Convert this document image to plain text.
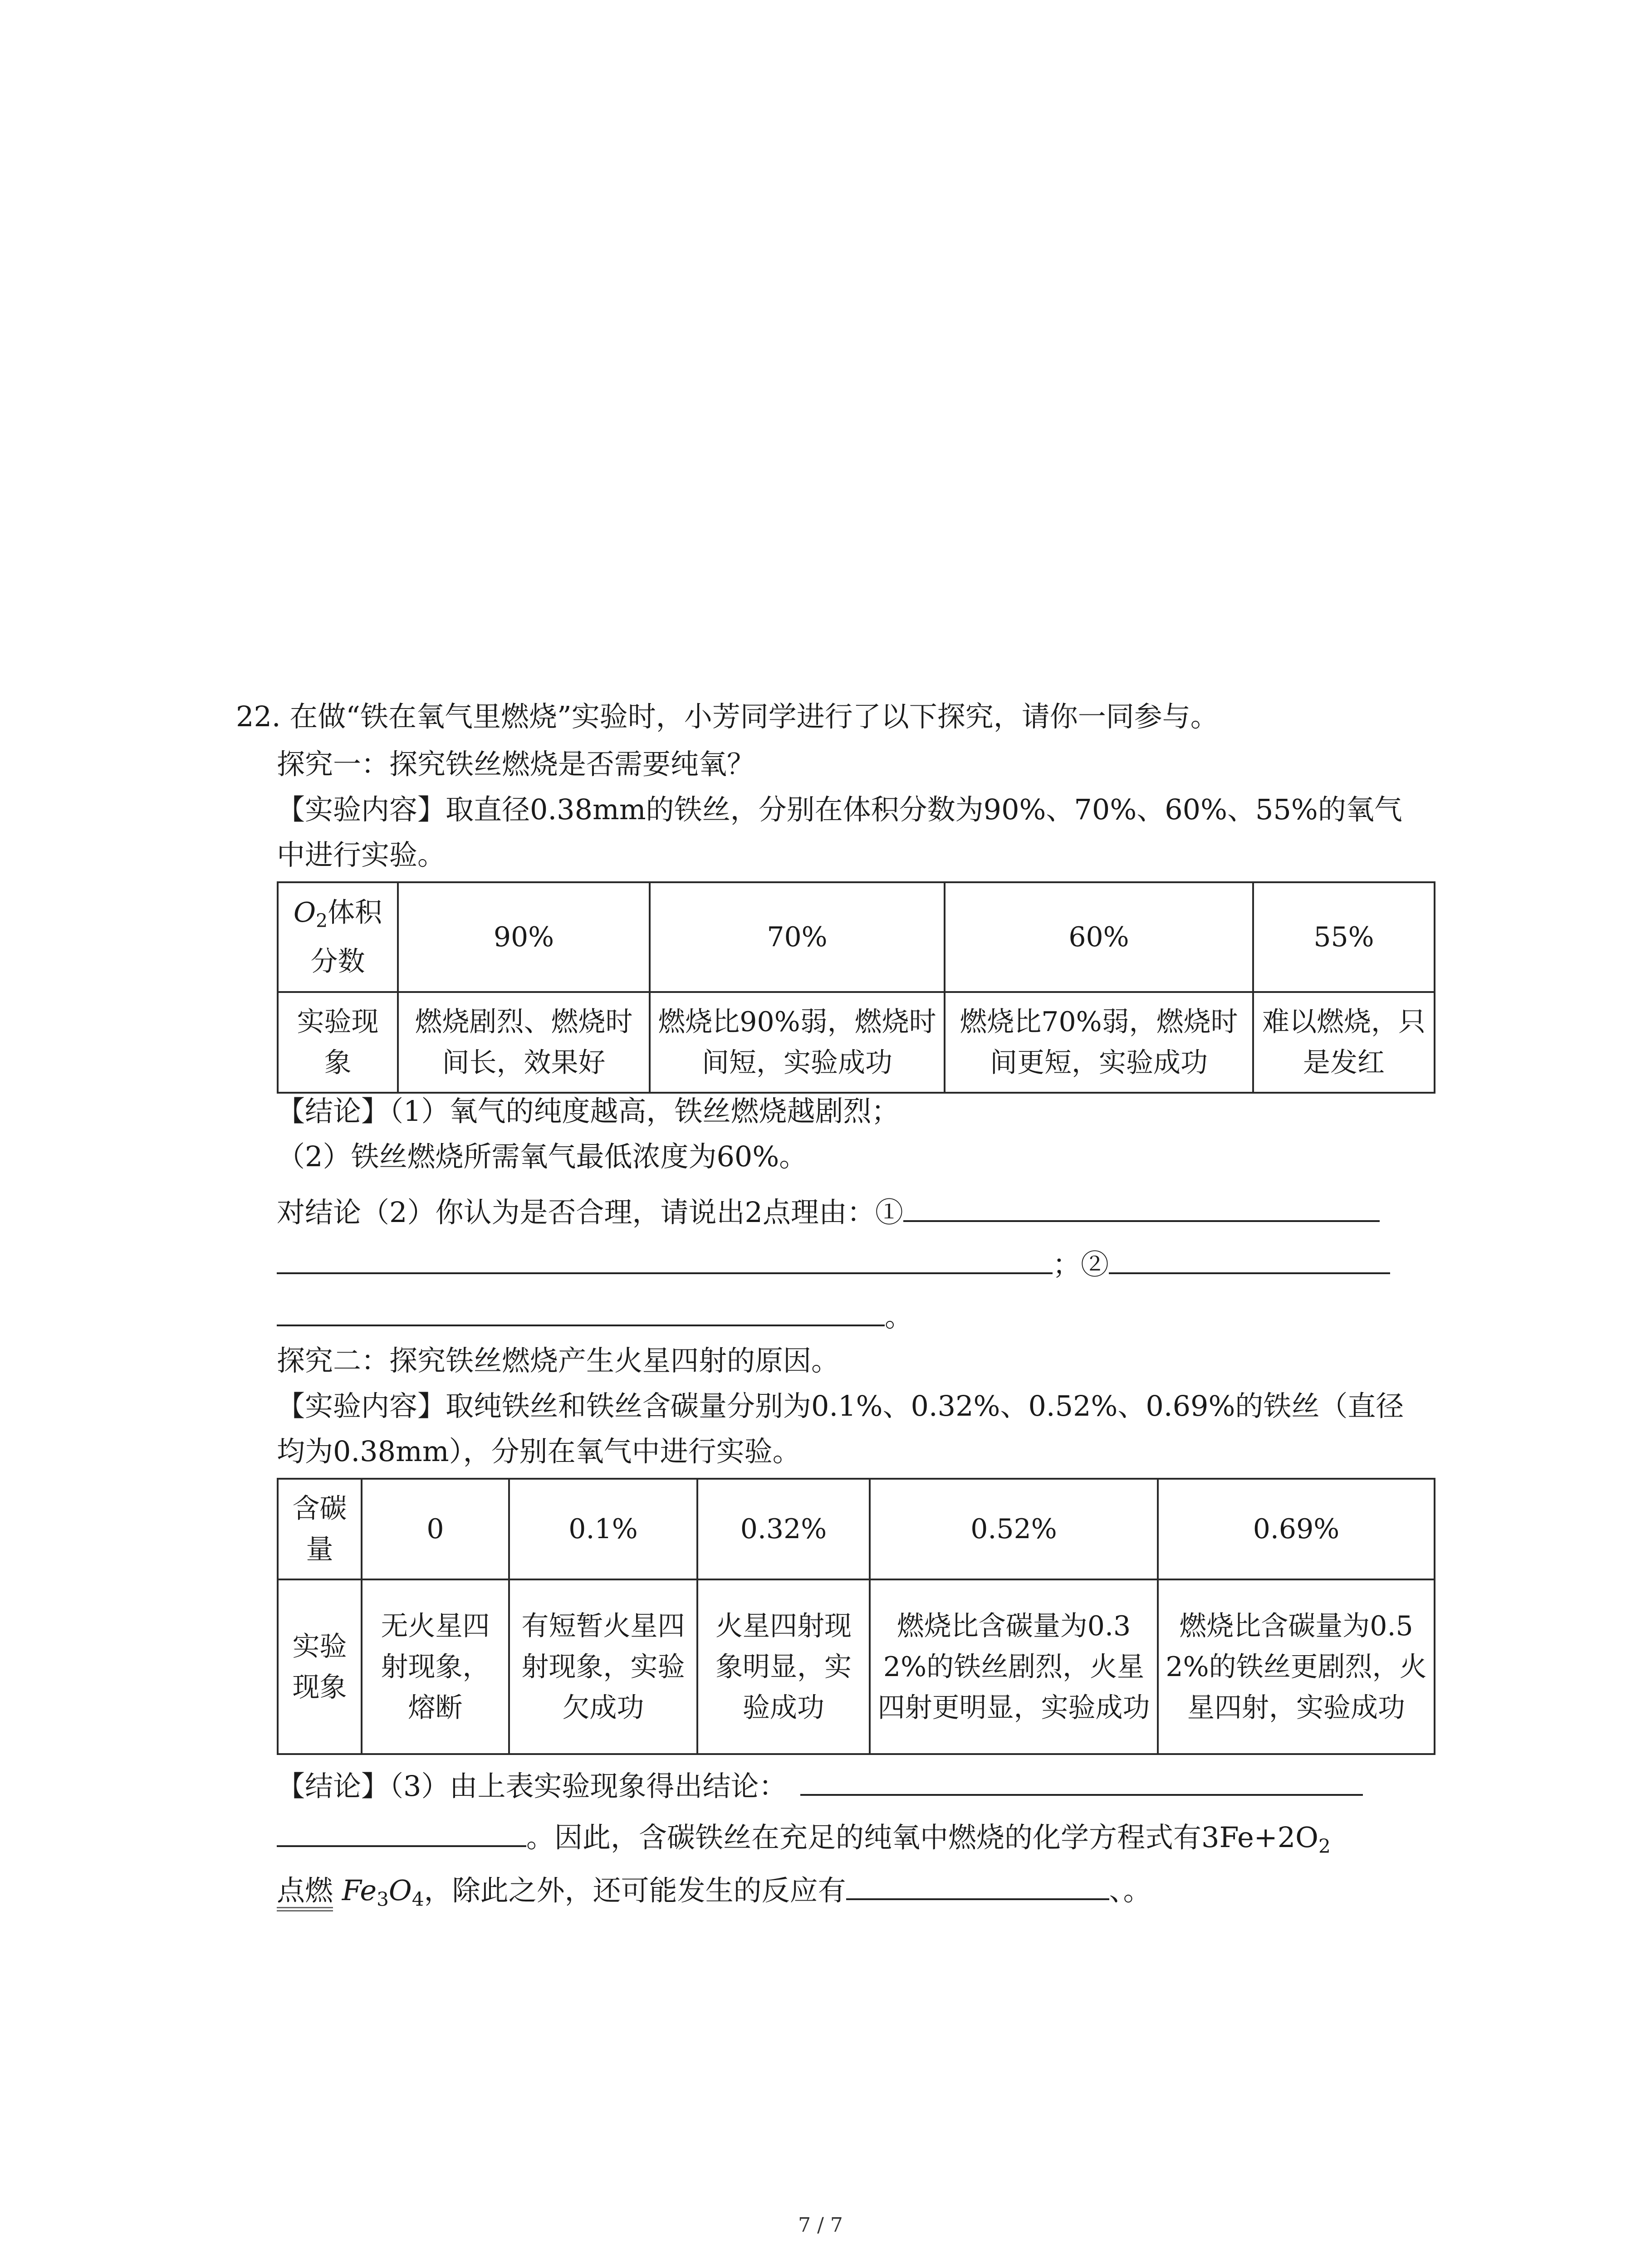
22. 在做“铁在氧气里燃烧”实验时，小芳同学进行了以下探究，请你一同参与。
探究一：探究铁丝燃烧是否需要纯氧？
【实验内容】取直径0.38mm的铁丝，分别在体积分数为90%、70%、60%、55%的氧气
中进行实验。
$O_2$体积分数	90%	70%	60%	55%
实验现象	燃烧剧烈、燃烧时间长，效果好	燃烧比90%弱，燃烧时间短，实验成功	燃烧比70%弱，燃烧时间更短，实验成功	难以燃烧，只是发红
【结论】（1）氧气的纯度越高，铁丝燃烧越剧烈；
（2）铁丝燃烧所需氧气最低浓度为60%。
对结论（2）你认为是否合理，请说出2点理由：①
；②
。
探究二：探究铁丝燃烧产生火星四射的原因。
【实验内容】取纯铁丝和铁丝含碳量分别为0.1%、0.32%、0.52%、0.69%的铁丝（直径
均为0.38mm），分别在氧气中进行实验。
含碳量	0	0.1%	0.32%	0.52%	0.69%
实验现象	无火星四射现象，熔断	有短暂火星四射现象，实验欠成功	火星四射现象明显，实验成功	燃烧比含碳量为0.32%的铁丝剧烈，火星四射更明显，实验成功	燃烧比含碳量为0.52%的铁丝更剧烈，火星四射，实验成功
【结论】（3）由上表实验现象得出结论：
。因此，含碳铁丝在充足的纯氧中燃烧的化学方程式有$3Fe+2O_2$
点燃 $Fe_3O_4$，除此之外，还可能发生的反应有	、。
7 / 7
